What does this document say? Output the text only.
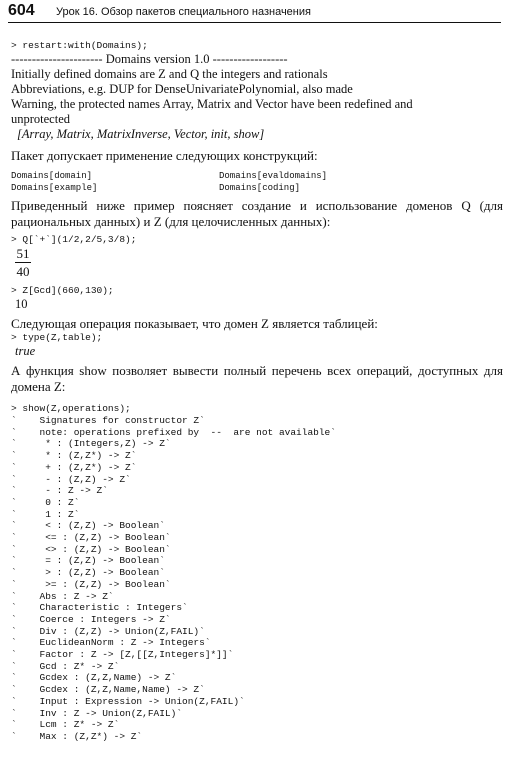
604 Урок 16. Обзор пакетов специального назначения
> restart:with(Domains);
---------------------- Domains version 1.0 ------------------
Initially defined domains are Z and Q the integers and rationals
Abbreviations, e.g. DUP for DenseUnivariatePolynomial, also made
Warning, the protected names Array, Matrix and Vector have been redefined and
unprotected
[Array, Matrix, MatrixInverse, Vector, init, show]
Пакет допускает применение следующих конструкций:
Domains[domain]
Domains[example]
Domains[evaldomains]
Domains[coding]
Приведенный ниже пример поясняет создание и использование доменов Q (для рациональных данных) и Z (для целочисленных данных):
> Q[`+`](1/2,2/5,3/8);
$\frac{51}{40}$
> Z[Gcd](660,130);
10
Следующая операция показывает, что домен Z является таблицей:
> type(Z,table);
true
А функция show позволяет вывести полный перечень всех операций, доступных для домена Z:
> show(Z,operations);
`    Signatures for constructor Z`
`    note: operations prefixed by  --  are not available`
`     * : (Integers,Z) -> Z`
`     * : (Z,Z*) -> Z`
`     + : (Z,Z*) -> Z`
`     - : (Z,Z) -> Z`
`     - : Z -> Z`
`     0 : Z`
`     1 : Z`
`     < : (Z,Z) -> Boolean`
`     <= : (Z,Z) -> Boolean`
`     <> : (Z,Z) -> Boolean`
`     = : (Z,Z) -> Boolean`
`     > : (Z,Z) -> Boolean`
`     >= : (Z,Z) -> Boolean`
`    Abs : Z -> Z`
`    Characteristic : Integers`
`    Coerce : Integers -> Z`
`    Div : (Z,Z) -> Union(Z,FAIL)`
`    EuclideanNorm : Z -> Integers`
`    Factor : Z -> [Z,[[Z,Integers]*]]`
`    Gcd : Z* -> Z`
`    Gcdex : (Z,Z,Name) -> Z`
`    Gcdex : (Z,Z,Name,Name) -> Z`
`    Input : Expression -> Union(Z,FAIL)`
`    Inv : Z -> Union(Z,FAIL)`
`    Lcm : Z* -> Z`
`    Max : (Z,Z*) -> Z`
